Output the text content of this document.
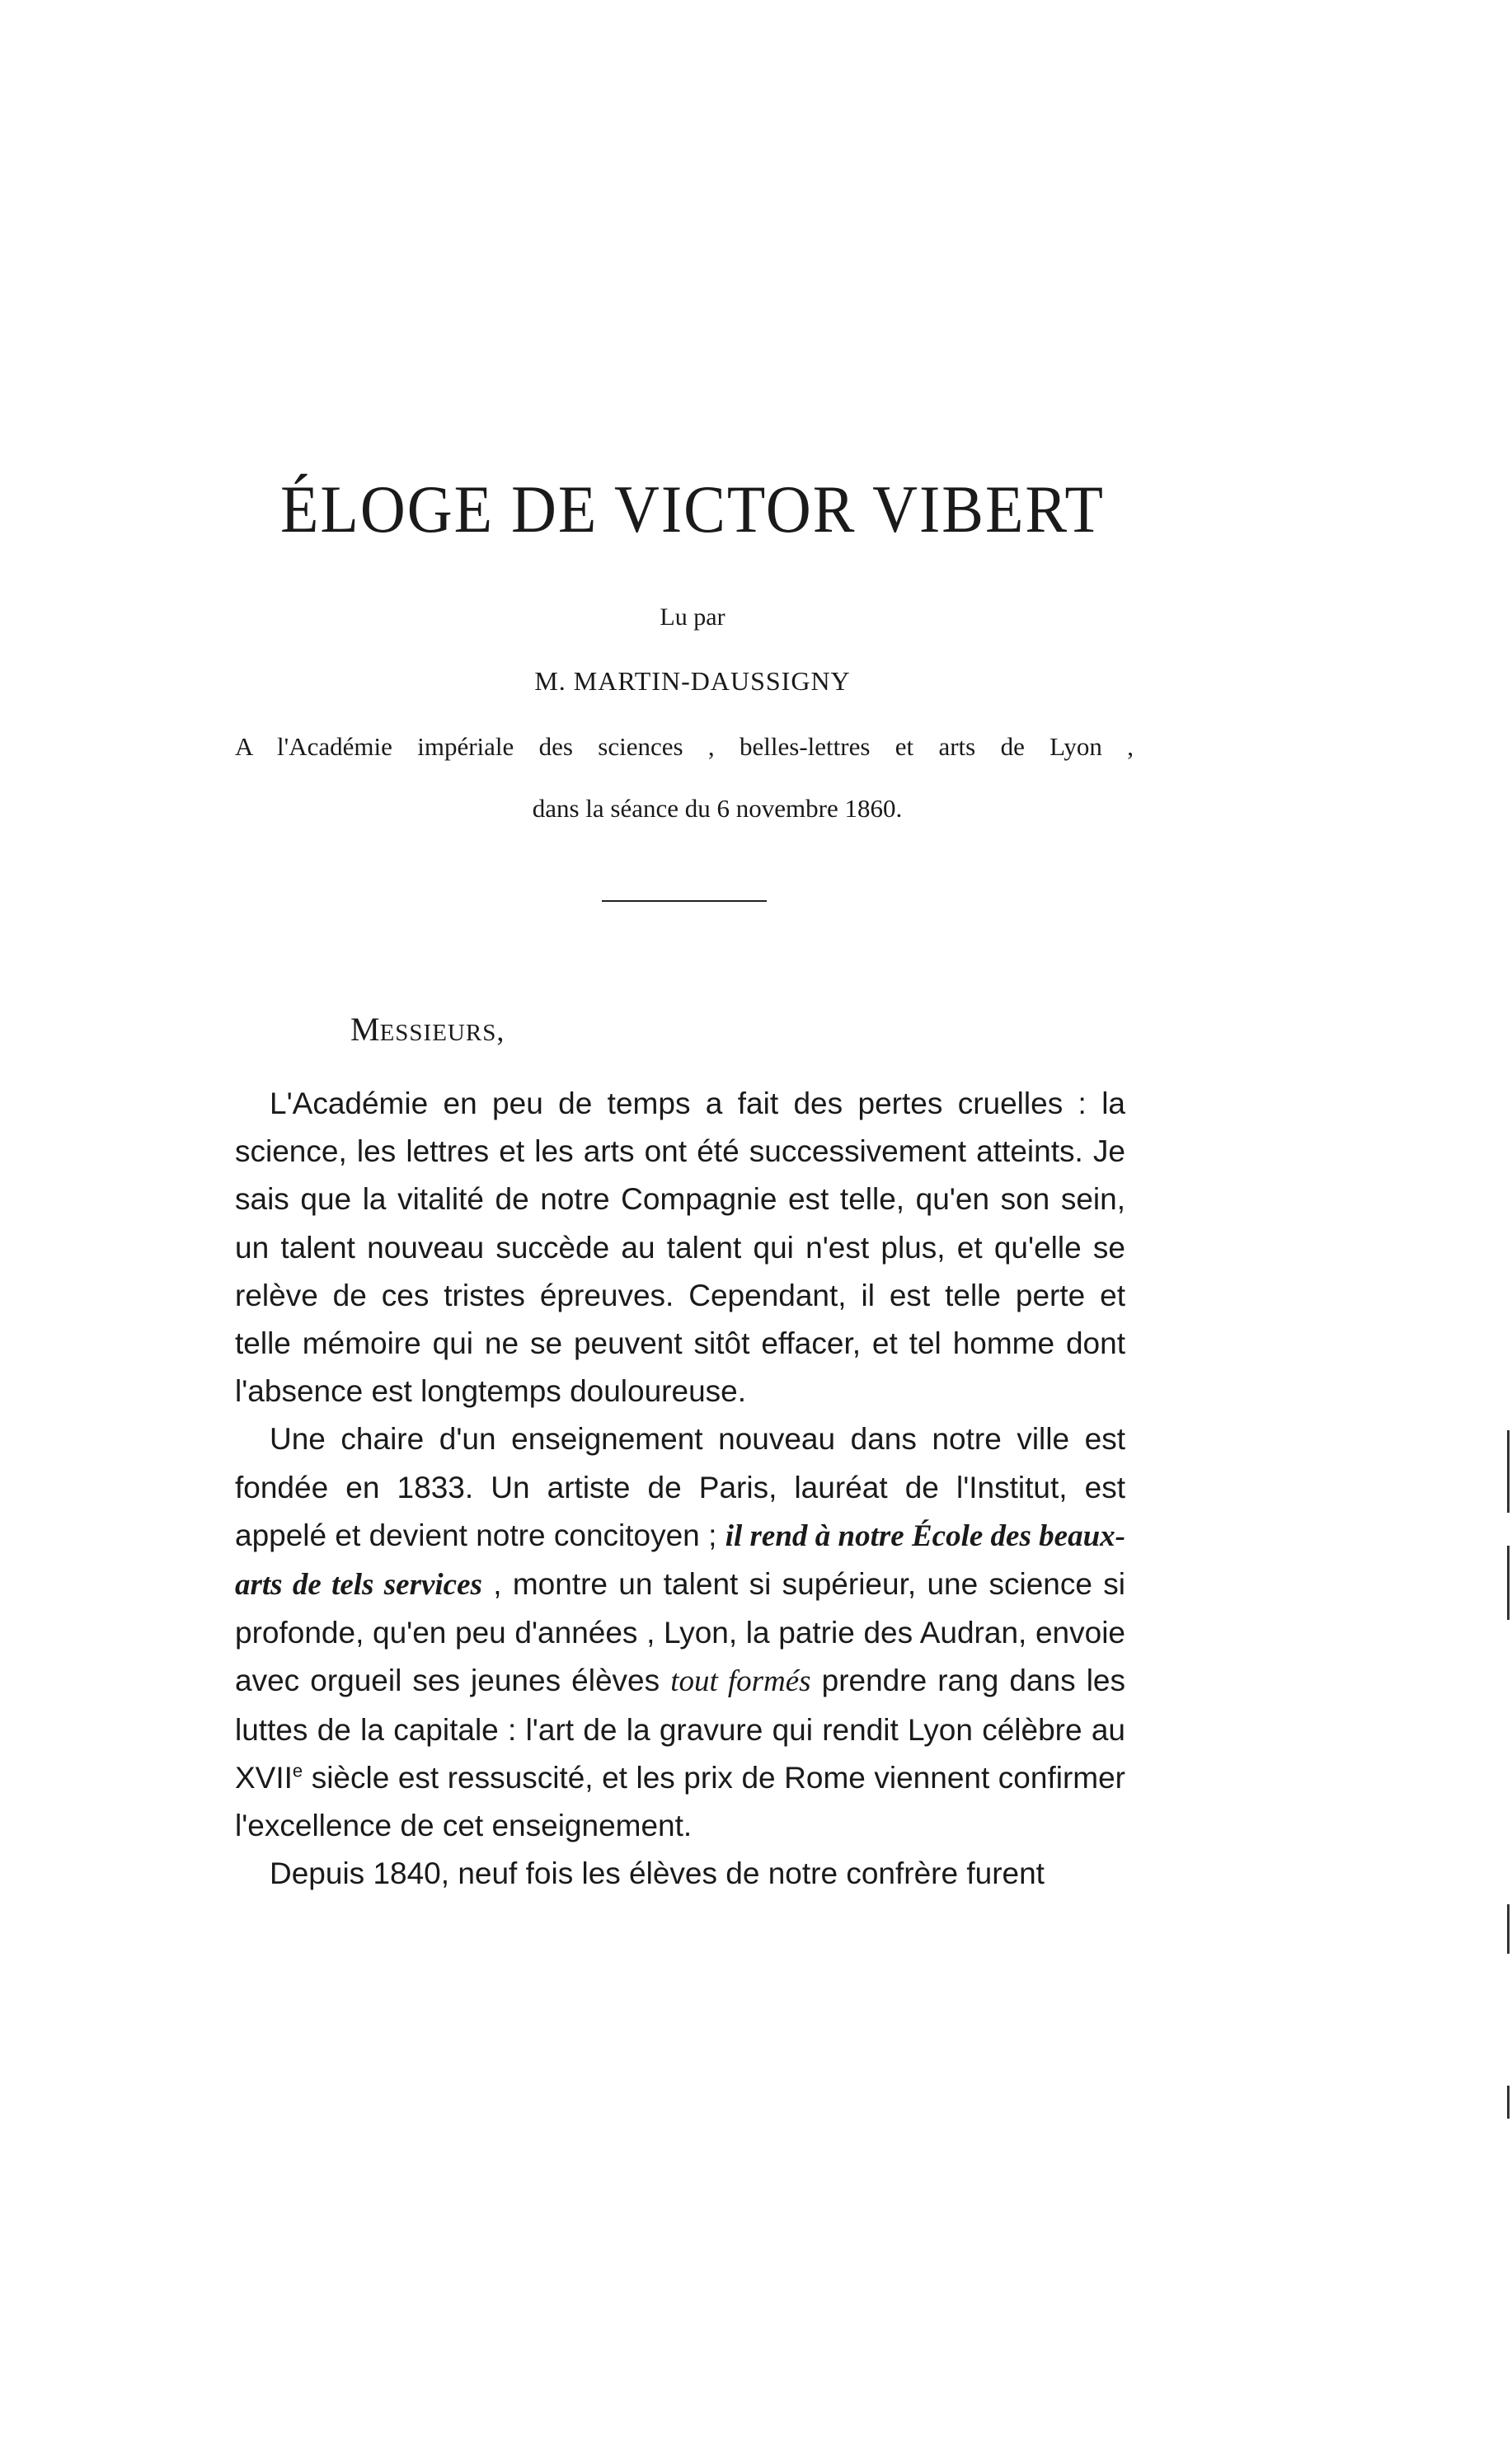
ÉLOGE DE VICTOR VIBERT

Lu par

M. MARTIN-DAUSSIGNY

A l'Académie impériale des sciences , belles-lettres et arts de Lyon ,

dans la séance du 6 novembre 1860.

MESSIEURS,

L'Académie en peu de temps a fait des pertes cruelles : la science, les lettres et les arts ont été successivement atteints. Je sais que la vitalité de notre Compagnie est telle, qu'en son sein, un talent nouveau succède au talent qui n'est plus, et qu'elle se relève de ces tristes épreuves. Cependant, il est telle perte et telle mémoire qui ne se peuvent sitôt effacer, et tel homme dont l'absence est longtemps douloureuse.

Une chaire d'un enseignement nouveau dans notre ville est fondée en 1833. Un artiste de Paris, lauréat de l'Institut, est appelé et devient notre concitoyen ; il rend à notre École des beaux-arts de tels services , montre un talent si supérieur, une science si profonde, qu'en peu d'années , Lyon, la patrie des Audran, envoie avec orgueil ses jeunes élèves tout formés prendre rang dans les luttes de la capitale : l'art de la gravure qui rendit Lyon célèbre au XVIIe siècle est ressuscité, et les prix de Rome viennent confirmer l'excellence de cet enseignement.

Depuis 1840, neuf fois les élèves de notre confrère furent
